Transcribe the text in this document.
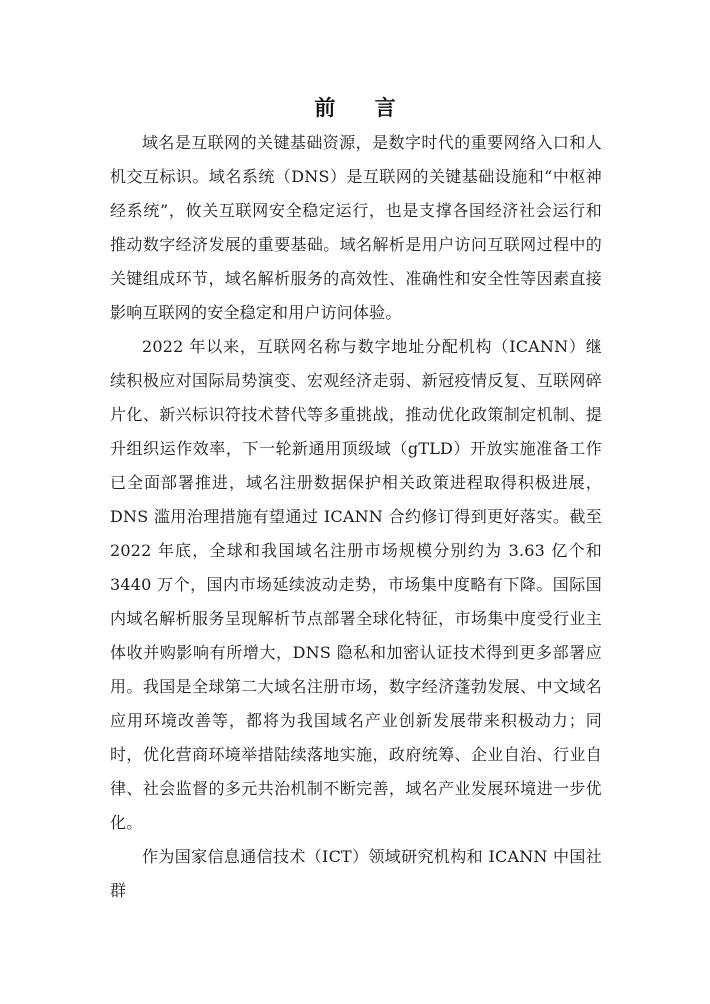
前 言

域名是互联网的关键基础资源，是数字时代的重要网络入口和人机交互标识。域名系统（DNS）是互联网的关键基础设施和“中枢神经系统”，攸关互联网安全稳定运行，也是支撑各国经济社会运行和推动数字经济发展的重要基础。域名解析是用户访问互联网过程中的关键组成环节，域名解析服务的高效性、准确性和安全性等因素直接影响互联网的安全稳定和用户访问体验。

2022 年以来，互联网名称与数字地址分配机构（ICANN）继续积极应对国际局势演变、宏观经济走弱、新冠疫情反复、互联网碎片化、新兴标识符技术替代等多重挑战，推动优化政策制定机制、提升组织运作效率，下一轮新通用顶级域（gTLD）开放实施准备工作已全面部署推进，域名注册数据保护相关政策进程取得积极进展，DNS 滥用治理措施有望通过 ICANN 合约修订得到更好落实。截至 2022 年底，全球和我国域名注册市场规模分别约为 3.63 亿个和 3440 万个，国内市场延续波动走势，市场集中度略有下降。国际国内域名解析服务呈现解析节点部署全球化特征，市场集中度受行业主体收并购影响有所增大，DNS 隐私和加密认证技术得到更多部署应用。我国是全球第二大域名注册市场，数字经济蓬勃发展、中文域名应用环境改善等，都将为我国域名产业创新发展带来积极动力；同时，优化营商环境举措陆续落地实施，政府统筹、企业自治、行业自律、社会监督的多元共治机制不断完善，域名产业发展环境进一步优化。

作为国家信息通信技术（ICT）领域研究机构和 ICANN 中国社群
